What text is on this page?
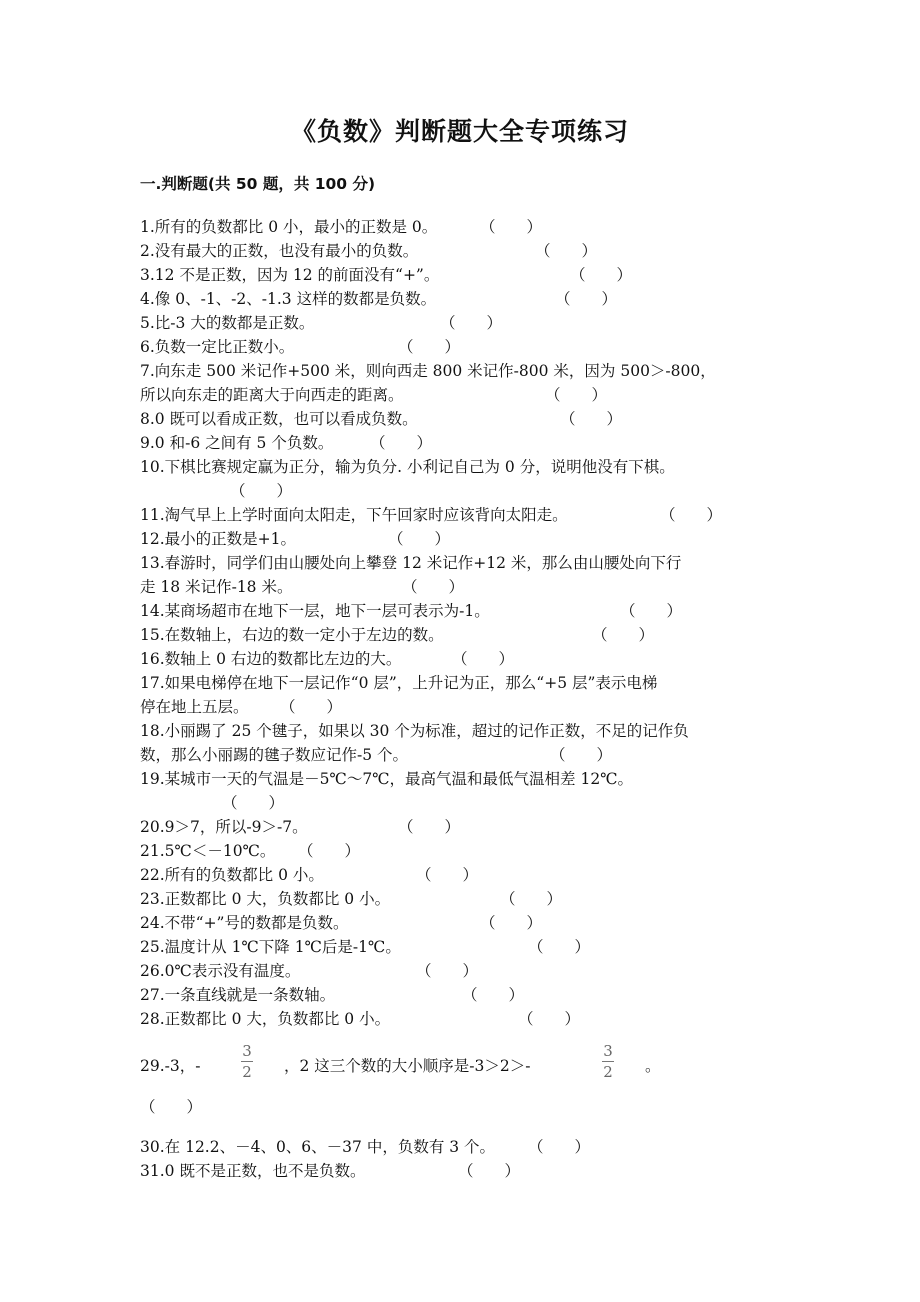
《负数》判断题大全专项练习
一.判断题(共 50 题，共 100 分)
1.所有的负数都比 0 小，最小的正数是 0。	（　　）
2.没有最大的正数，也没有最小的负数。	（　　）
3.12 不是正数，因为 12 的前面没有“+”。	（　　）
4.像 0、-1、-2、-1.3 这样的数都是负数。	（　　）
5.比-3 大的数都是正数。	（　　）
6.负数一定比正数小。	（　　）
7.向东走 500 米记作+500 米，则向西走 800 米记作-800 米，因为 500＞-800，
所以向东走的距离大于向西走的距离。	（　　）
8.0 既可以看成正数，也可以看成负数。	（　　）
9.0 和-6 之间有 5 个负数。 （　　）
10.下棋比赛规定赢为正分，输为负分. 小利记自己为 0 分，说明他没有下棋。
（　　）
11.淘气早上上学时面向太阳走，下午回家时应该背向太阳走。	（　　）
12.最小的正数是+1。	（　　）
13.春游时，同学们由山腰处向上攀登 12 米记作+12 米，那么由山腰处向下行
走 18 米记作-18 米。	（　　）
14.某商场超市在地下一层，地下一层可表示为-1。	（　　）
15.在数轴上，右边的数一定小于左边的数。	（　　）
16.数轴上 0 右边的数都比左边的大。	（　　）
17.如果电梯停在地下一层记作“0 层”，上升记为正，那么“+5 层”表示电梯
停在地上五层。 （　　）
18.小丽踢了 25 个毽子，如果以 30 个为标准，超过的记作正数，不足的记作负
数，那么小丽踢的毽子数应记作-5 个。	（　　）
19.某城市一天的气温是－5℃～7℃，最高气温和最低气温相差 12℃。
（　　）
20.9＞7，所以-9＞-7。	（　　）
21.5℃＜－10℃。 （　　）
22.所有的负数都比 0 小。	（　　）
23.正数都比 0 大，负数都比 0 小。	（　　）
24.不带“+”号的数都是负数。	（　　）
25.温度计从 1℃下降 1℃后是-1℃。	（　　）
26.0℃表示没有温度。	（　　）
27.一条直线就是一条数轴。	（　　）
28.正数都比 0 大，负数都比 0 小。	（　　）
29.-3，-
3
2 ，2 这三个数的大小顺序是-3＞2＞-
3
2 。
（　　）
30.在 12.2、－4、0、6、－37 中，负数有 3 个。 （　　）
31.0 既不是正数，也不是负数。	（　　）
